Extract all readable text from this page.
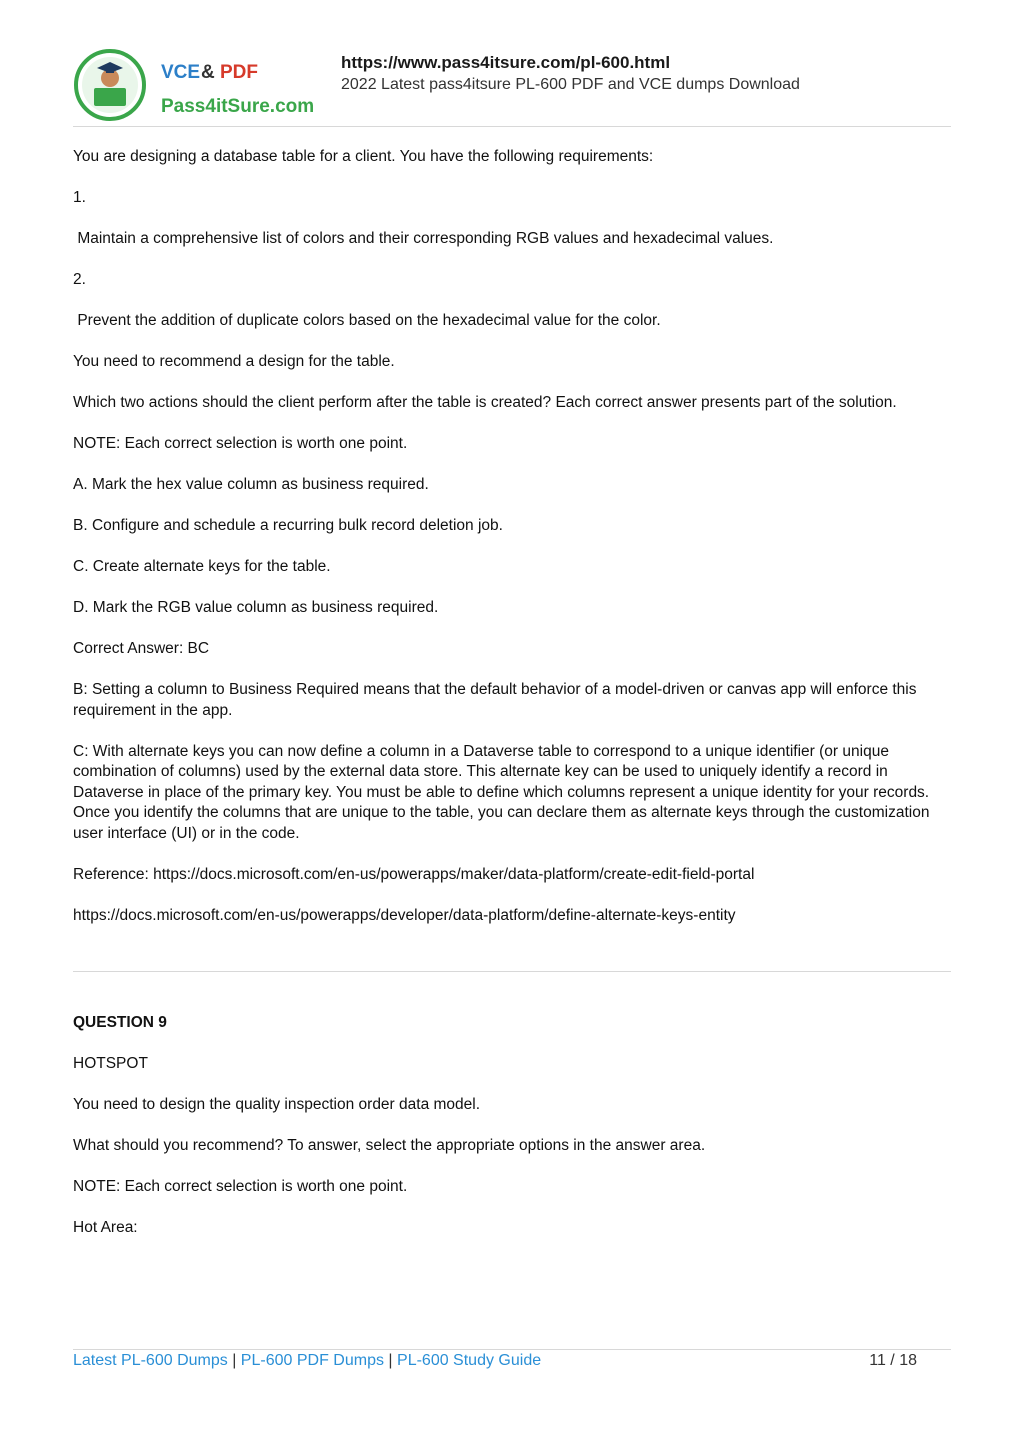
VCE & PDF
Pass4itSure.com
https://www.pass4itsure.com/pl-600.html
2022 Latest pass4itsure PL-600 PDF and VCE dumps Download

You are designing a database table for a client. You have the following requirements:

1.

Maintain a comprehensive list of colors and their corresponding RGB values and hexadecimal values.

2.

Prevent the addition of duplicate colors based on the hexadecimal value for the color.

You need to recommend a design for the table.

Which two actions should the client perform after the table is created? Each correct answer presents part of the solution.

NOTE: Each correct selection is worth one point.

A. Mark the hex value column as business required.

B. Configure and schedule a recurring bulk record deletion job.

C. Create alternate keys for the table.

D. Mark the RGB value column as business required.

Correct Answer: BC

B: Setting a column to Business Required means that the default behavior of a model-driven or canvas app will enforce this requirement in the app.

C: With alternate keys you can now define a column in a Dataverse table to correspond to a unique identifier (or unique combination of columns) used by the external data store. This alternate key can be used to uniquely identify a record in Dataverse in place of the primary key. You must be able to define which columns represent a unique identity for your records. Once you identify the columns that are unique to the table, you can declare them as alternate keys through the customization user interface (UI) or in the code.

Reference: https://docs.microsoft.com/en-us/powerapps/maker/data-platform/create-edit-field-portal

https://docs.microsoft.com/en-us/powerapps/developer/data-platform/define-alternate-keys-entity

QUESTION 9

HOTSPOT

You need to design the quality inspection order data model.

What should you recommend? To answer, select the appropriate options in the answer area.

NOTE: Each correct selection is worth one point.

Hot Area:

Latest PL-600 Dumps | PL-600 PDF Dumps | PL-600 Study Guide	11 / 18
